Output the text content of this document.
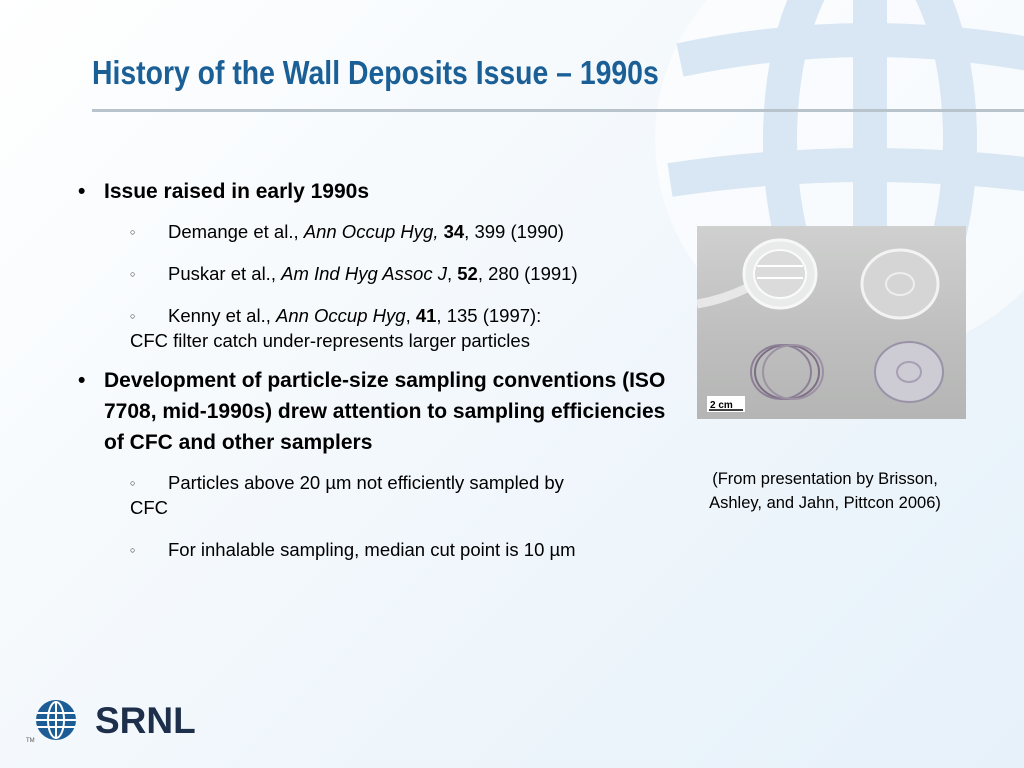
History of the Wall Deposits Issue – 1990s
• Issue raised in early 1990s
○ Demange et al., Ann Occup Hyg, 34, 399 (1990)
○ Puskar et al., Am Ind Hyg Assoc J, 52, 280 (1991)
○ Kenny et al., Ann Occup Hyg, 41, 135 (1997):
CFC filter catch under-represents larger particles
• Development of particle-size sampling conventions (ISO 7708, mid-1990s) drew attention to sampling efficiencies of CFC and other samplers
○ Particles above 20 µm not efficiently sampled by
CFC
○ For inhalable sampling, median cut point is 10 µm
2 cm
(From presentation by Brisson, Ashley, and Jahn, Pittcon 2006)
SRNL
TM
